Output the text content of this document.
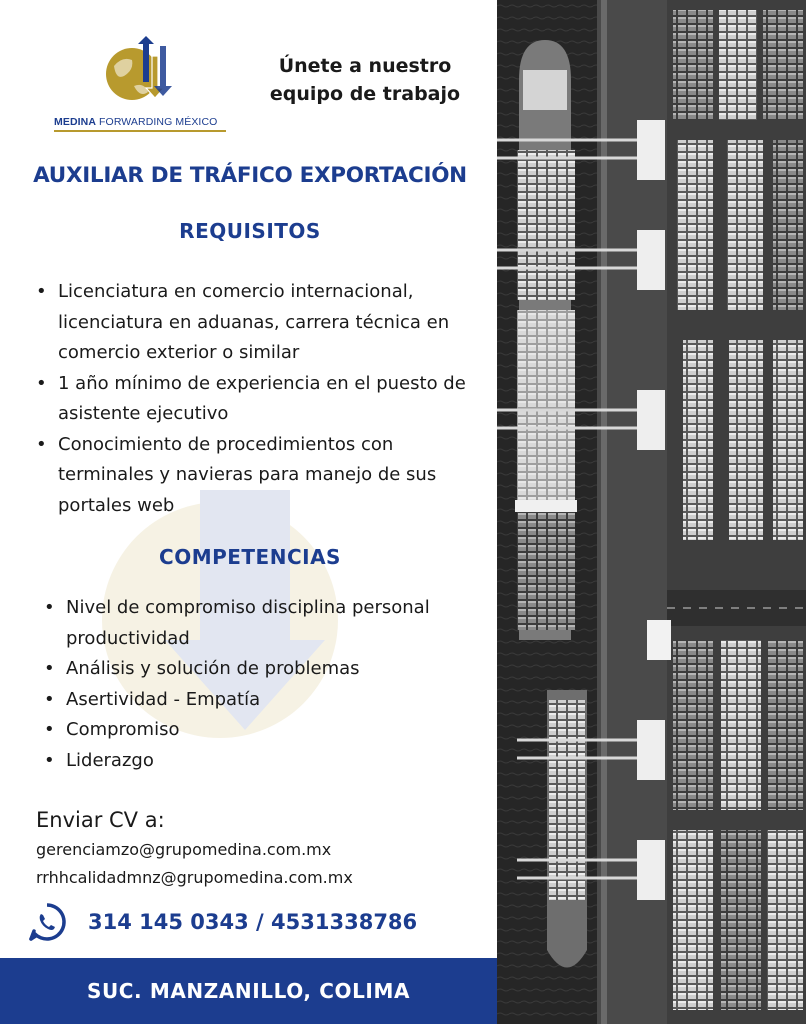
MEDINA FORWARDING MÉXICO
Únete a nuestro equipo de trabajo
AUXILIAR DE TRÁFICO EXPORTACIÓN
REQUISITOS
• Licenciatura en comercio internacional, licenciatura en aduanas, carrera técnica en comercio exterior o similar
• 1 año mínimo de experiencia en el puesto de asistente ejecutivo
• Conocimiento de procedimientos con terminales y navieras para manejo de sus portales web
COMPETENCIAS
• Nivel de compromiso disciplina personal productividad
• Análisis y solución de problemas
• Asertividad - Empatía
• Compromiso
• Liderazgo
Enviar CV a:
gerenciamzo@grupomedina.com.mx
rrhhcalidadmnz@grupomedina.com.mx
314 145 0343 / 4531338786
SUC. MANZANILLO, COLIMA
